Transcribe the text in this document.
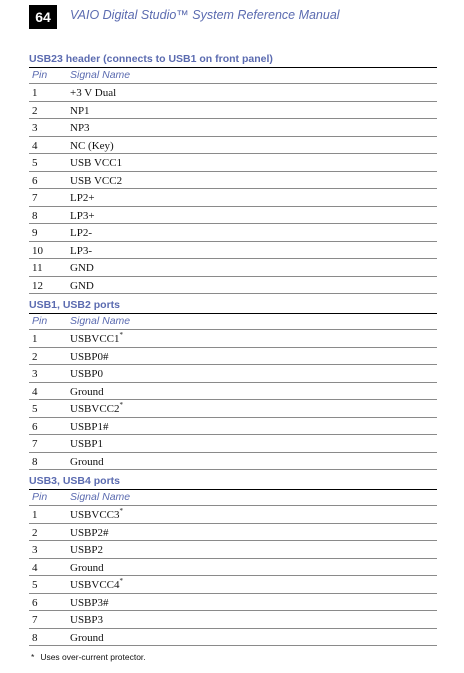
64	VAIO Digital Studio™ System Reference Manual
USB23 header (connects to USB1 on front panel)
Pin Signal Name
1	+3 V Dual
2	NP1
3	NP3
4	NC (Key)
5	USB VCC1
6	USB VCC2
7	LP2+
8	LP3+
9	LP2-
10 LP3-
11 GND
12 GND
USB1, USB2 ports
Pin Signal Name
1	USBVCC1*
2	USBP0#
3	USBP0
4	Ground
5	USBVCC2*
6	USBP1#
7	USBP1
8	Ground
USB3, USB4 ports
Pin Signal Name
1	USBVCC3*
2	USBP2#
3	USBP2
4	Ground
5	USBVCC4*
6	USBP3#
7	USBP3
8	Ground
* Uses over-current protector.
